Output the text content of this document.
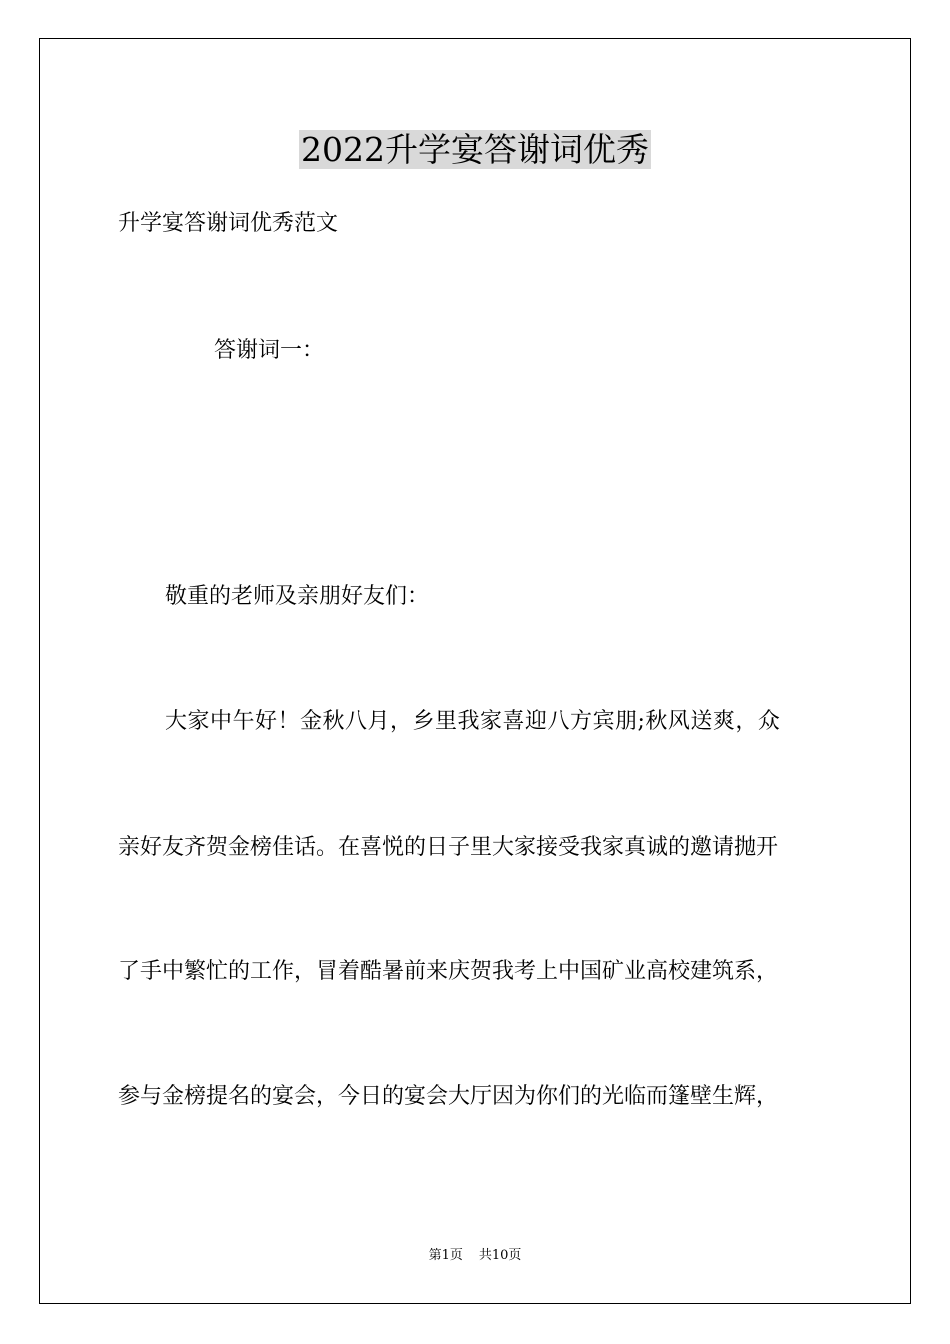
2022升学宴答谢词优秀
升学宴答谢词优秀范文
答谢词一：
敬重的老师及亲朋好友们：
大家中午好！金秋八月，乡里我家喜迎八方宾朋;秋风送爽，众
亲好友齐贺金榜佳话。在喜悦的日子里大家接受我家真诚的邀请抛开
了手中繁忙的工作，冒着酷暑前来庆贺我考上中国矿业高校建筑系，
参与金榜提名的宴会，今日的宴会大厅因为你们的光临而篷壁生辉，
第1页 共10页
